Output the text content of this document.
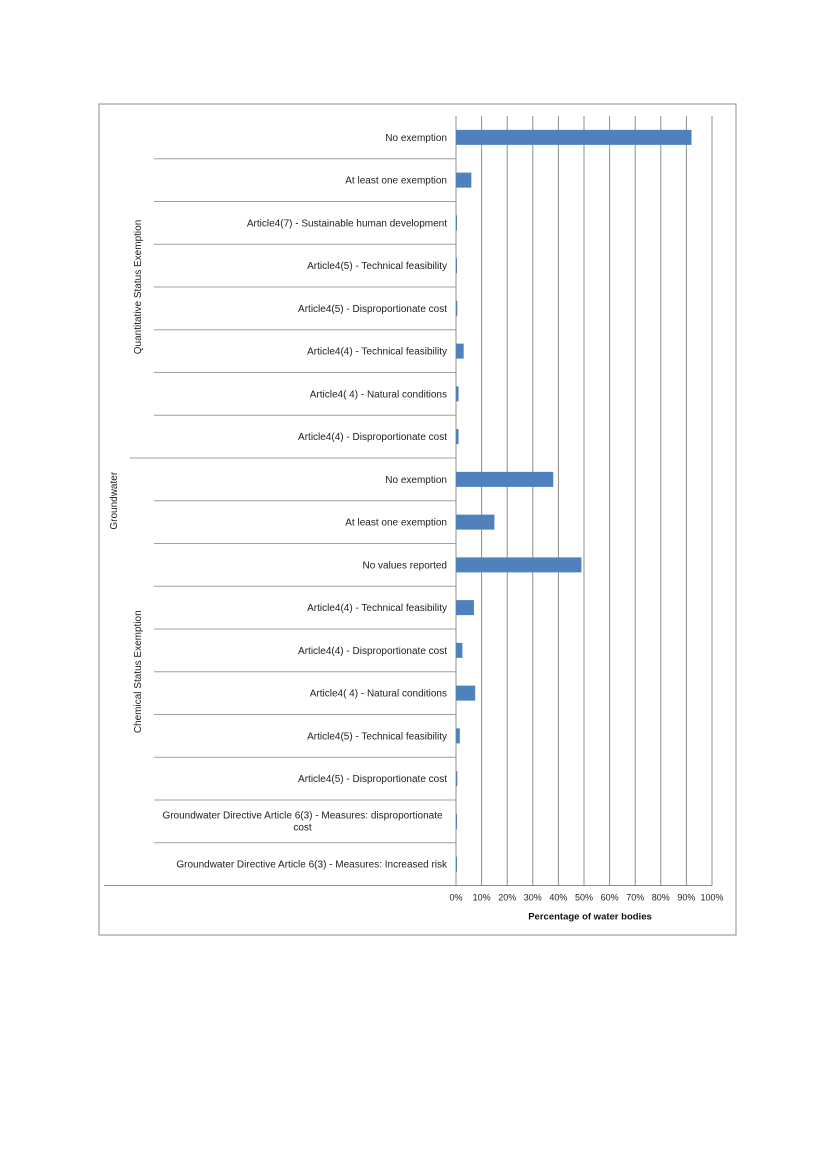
No exemption
At least one exemption
Article4(7) - Sustainable human development
Article4(5) - Technical feasibility
Article4(5) - Disproportionate cost
Article4(4) - Technical feasibility
Article4( 4) - Natural conditions
Article4(4) - Disproportionate cost
No exemption
At least one exemption
No values reported
Article4(4) - Technical feasibility
Article4(4) - Disproportionate cost
Article4( 4) - Natural conditions
Article4(5) - Technical feasibility
Article4(5) - Disproportionate cost
Groundwater Directive Article 6(3) - Measures: disproportionate cost
Groundwater Directive Article 6(3) - Measures: Increased risk
0% 10% 20% 30% 40% 50% 60% 70% 80% 90% 100%
Percentage of water bodies
Groundwater
Quantitative Status Exemption
Chemical Status Exemption
